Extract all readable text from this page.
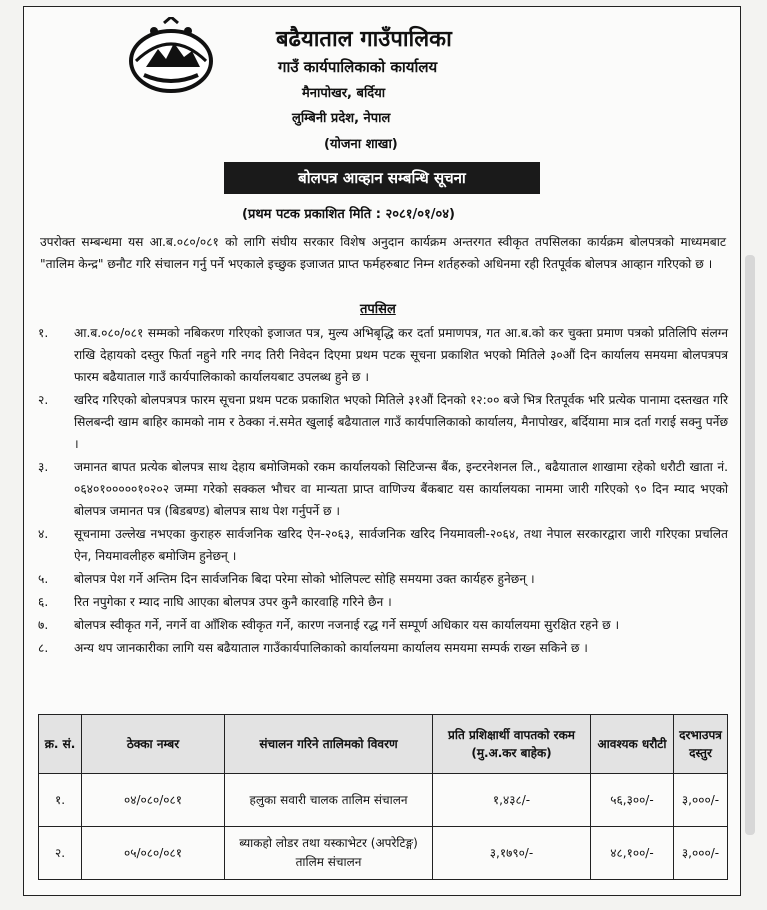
बढैयाताल गाउँपालिका
गाउँ कार्यपालिकाको कार्यालय
मैनापोखर, बर्दिया
लुम्बिनी प्रदेश, नेपाल
(योजना शाखा)
बोलपत्र आव्हान सम्बन्धि सूचना
(प्रथम पटक प्रकाशित मिति : २०८१/०१/०४)
उपरोक्त सम्बन्धमा यस आ.ब.०८०/०८१ को लागि संघीय सरकार विशेष अनुदान कार्यक्रम अन्तरगत स्वीकृत तपसिलका कार्यक्रम बोलपत्रको माध्यमबाट "तालिम केन्द्र" छनौट गरि संचालन गर्नु पर्ने भएकाले इच्छुक इजाजत प्राप्त फर्महरुबाट निम्न शर्तहरुको अधिनमा रही रितपूर्वक बोलपत्र आव्हान गरिएको छ ।
तपसिल
१.	आ.ब.०८०/०८१ सम्मको नबिकरण गरिएको इजाजत पत्र, मुल्य अभिबृद्धि कर दर्ता प्रमाणपत्र, गत आ.ब.को कर चुक्ता प्रमाण पत्रको प्रतिलिपि संलग्न राखि देहायको दस्तुर फिर्ता नहुने गरि नगद तिरी निवेदन दिएमा प्रथम पटक सूचना प्रकाशित भएको मितिले ३०औं दिन कार्यालय समयमा बोलपत्रपत्र फारम बढैयाताल गाउँ कार्यपालिकाको कार्यालयबाट उपलब्ध हुने छ ।
२.	खरिद गरिएको बोलपत्रपत्र फारम सूचना प्रथम पटक प्रकाशित भएको मितिले ३१औं दिनको १२:०० बजे भित्र रितपूर्वक भरि प्रत्येक पानामा दस्तखत गरि सिलबन्दी खाम बाहिर कामको नाम र ठेक्का नं.समेत खुलाई बढैयाताल गाउँ कार्यपालिकाको कार्यालय, मैनापोखर, बर्दियामा मात्र दर्ता गराई सक्नु पर्नेछ ।
३.	जमानत बापत प्रत्येक बोलपत्र साथ देहाय बमोजिमको रकम कार्यालयको सिटिजन्स बैंक, इन्टरनेशनल लि., बढैयाताल शाखामा रहेको धरौटी खाता नं. ०६४०१०००००१०२०२ जम्मा गरेको सक्कल भौचर वा मान्यता प्राप्त वाणिज्य बैंकबाट यस कार्यालयका नाममा जारी गरिएको ९० दिन म्याद भएको बोलपत्र जमानत पत्र (बिडबण्ड) बोलपत्र साथ पेश गर्नुपर्ने छ ।
४.	सूचनामा उल्लेख नभएका कुराहरु सार्वजनिक खरिद ऐन-२०६३, सार्वजनिक खरिद नियमावली-२०६४, तथा नेपाल सरकारद्वारा जारी गरिएका प्रचलित ऐन, नियमावलीहरु बमोजिम हुनेछन् ।
५.	बोलपत्र पेश गर्ने अन्तिम दिन सार्वजनिक बिदा परेमा सोको भोलिपल्ट सोहि समयमा उक्त कार्यहरु हुनेछन् ।
६.	रित नपुगेका र म्याद नाघि आएका बोलपत्र उपर कुनै कारवाहि गरिने छैन ।
७.	बोलपत्र स्वीकृत गर्ने, नगर्ने वा आँशिक स्वीकृत गर्ने, कारण नजनाई रद्ध गर्ने सम्पूर्ण अधिकार यस कार्यालयमा सुरक्षित रहने छ ।
८.	अन्य थप जानकारीका लागि यस बढैयाताल गाउँकार्यपालिकाको कार्यालयमा कार्यालय समयमा सम्पर्क राख्न सकिने छ ।
क्र. सं.	ठेक्का नम्बर	संचालन गरिने तालिमको विवरण	प्रति प्रशिक्षार्थी वापतको रकम (मु.अ.कर बाहेक)	आवश्यक धरौटी	दरभाउपत्र दस्तुर
१.	०४/०८०/०८१	हलुका सवारी चालक तालिम संचालन	१,४३८/-	५६,३००/-	३,०००/-
२.	०५/०८०/०८१	ब्याकहो लोडर तथा यस्काभेटर (अपरेटिङ्ग) तालिम संचालन	३,१७९०/-	४८,१००/-	३,०००/-
